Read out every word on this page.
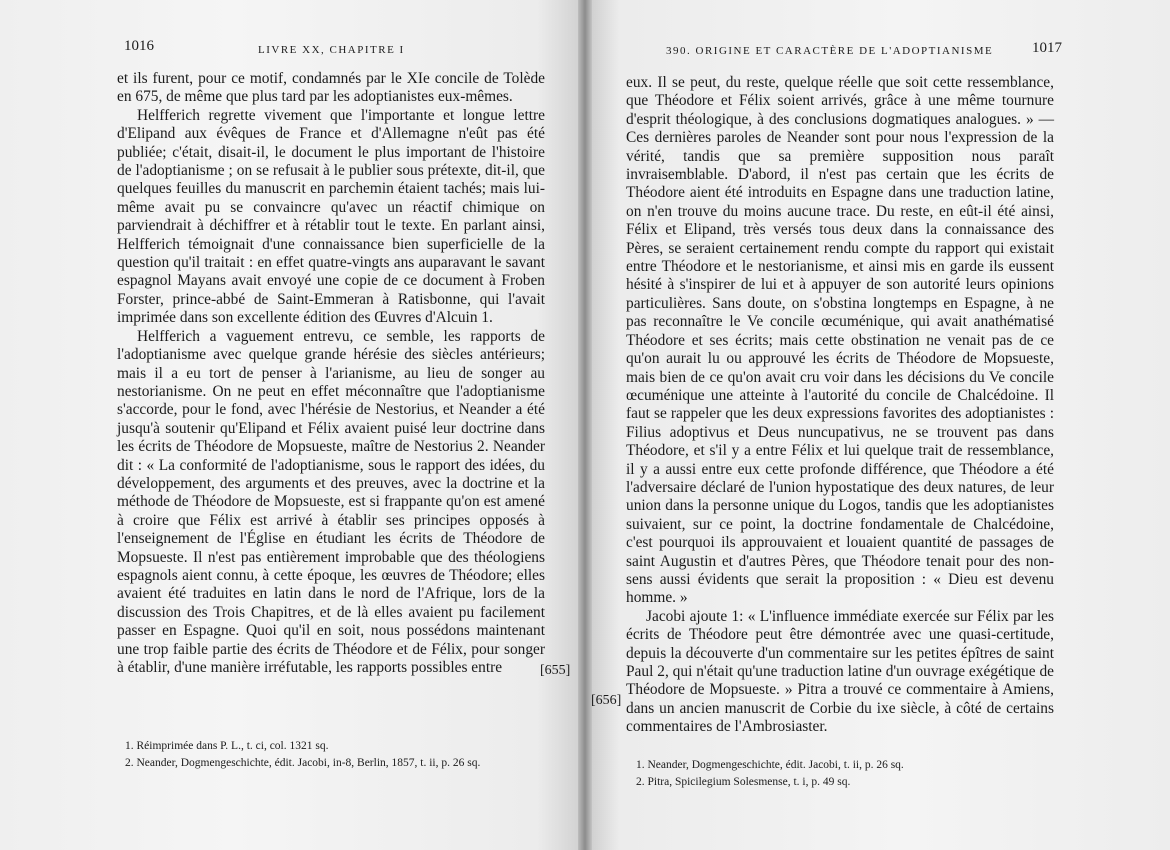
1016	LIVRE XX, CHAPITRE I	390. ORIGINE ET CARACTÈRE DE L'ADOPTIANISME	1017

et ils furent, pour ce motif, condamnés par le XIe concile de Tolède en 675, de même que plus tard par les adoptianistes eux-mêmes.

Helfferich regrette vivement que l'importante et longue lettre d'Elipand aux évêques de France et d'Allemagne n'eût pas été publiée; c'était, disait-il, le document le plus important de l'histoire de l'adoptianisme ; on se refusait à le publier sous prétexte, dit-il, que quelques feuilles du manuscrit en parchemin étaient tachés; mais lui-même avait pu se convaincre qu'avec un réactif chimique on parviendrait à déchiffrer et à rétablir tout le texte. En parlant ainsi, Helfferich témoignait d'une connaissance bien superficielle de la question qu'il traitait : en effet quatre-vingts ans auparavant le savant espagnol Mayans avait envoyé une copie de ce document à Froben Forster, prince-abbé de Saint-Emmeran à Ratisbonne, qui l'avait imprimée dans son excellente édition des Œuvres d'Alcuin 1.

Helfferich a vaguement entrevu, ce semble, les rapports de l'adoptianisme avec quelque grande hérésie des siècles antérieurs; mais il a eu tort de penser à l'arianisme, au lieu de songer au nestorianisme. On ne peut en effet méconnaître que l'adoptianisme s'accorde, pour le fond, avec l'hérésie de Nestorius, et Neander a été jusqu'à soutenir qu'Elipand et Félix avaient puisé leur doctrine dans les écrits de Théodore de Mopsueste, maître de Nestorius 2. Neander dit : « La conformité de l'adoptianisme, sous le rapport des idées, du développement, des arguments et des preuves, avec la doctrine et la méthode de Théodore de Mopsueste, est si frappante qu'on est amené à croire que Félix est arrivé à établir ses principes opposés à l'enseignement de l'Église en étudiant les écrits de Théodore de Mopsueste. Il n'est pas entièrement improbable que des théologiens espagnols aient connu, à cette époque, les œuvres de Théodore; elles avaient été traduites en latin dans le nord de l'Afrique, lors de la discussion des Trois Chapitres, et de là elles avaient pu facilement passer en Espagne. Quoi qu'il en soit, nous possédons maintenant une trop faible partie des écrits de Théodore et de Félix, pour songer à établir, d'une manière irréfutable, les rapports possibles entre	[655]
1. Réimprimée dans P. L., t. ci, col. 1321 sq.
2. Neander, Dogmengeschichte, édit. Jacobi, in-8, Berlin, 1857, t. ii, p. 26 sq.

eux. Il se peut, du reste, quelque réelle que soit cette ressemblance, que Théodore et Félix soient arrivés, grâce à une même tournure d'esprit théologique, à des conclusions dogmatiques analogues. » — Ces dernières paroles de Neander sont pour nous l'expression de la vérité, tandis que sa première supposition nous paraît invraisemblable. D'abord, il n'est pas certain que les écrits de Théodore aient été introduits en Espagne dans une traduction latine, on n'en trouve du moins aucune trace. Du reste, en eût-il été ainsi, Félix et Elipand, très versés tous deux dans la connaissance des Pères, se seraient certainement rendu compte du rapport qui existait entre Théodore et le nestorianisme, et ainsi mis en garde ils eussent hésité à s'inspirer de lui et à appuyer de son autorité leurs opinions particulières. Sans doute, on s'obstina longtemps en Espagne, à ne pas reconnaître le Ve concile œcuménique, qui avait anathématisé Théodore et ses écrits; mais cette obstination ne venait pas de ce qu'on aurait lu ou approuvé les écrits de Théodore de Mopsueste, mais bien de ce qu'on avait cru voir dans les décisions du Ve concile œcuménique une atteinte à l'autorité du concile de Chalcédoine. Il faut se rappeler que les deux expressions favorites des adoptianistes : Filius adoptivus et Deus nuncupativus, ne se trouvent pas dans Théodore, et s'il y a entre Félix et lui quelque trait de ressemblance, il y a aussi entre eux cette profonde différence, que Théodore a été l'adversaire déclaré de l'union hypostatique des deux natures, de leur union dans la personne unique du Logos, tandis que les adoptianistes suivaient, sur ce point, la doctrine fondamentale de Chalcédoine, c'est pourquoi ils approuvaient et louaient quantité de passages de saint Augustin et d'autres Pères, que Théodore tenait pour des non-sens aussi évidents que serait la proposition : « Dieu est devenu homme. »

Jacobi ajoute 1: « L'influence immédiate exercée sur Félix par les écrits de Théodore peut être démontrée avec une quasi-certitude, depuis la découverte d'un commentaire sur les petites épîtres de saint Paul 2, qui n'était qu'une traduction latine d'un ouvrage exégétique de Théodore de Mopsueste. » Pitra a trouvé ce commentaire à Amiens, dans un ancien manuscrit de Corbie du ixe siècle, à côté de certains commentaires de l'Ambrosiaster.

[656]
1. Neander, Dogmengeschichte, édit. Jacobi, t. ii, p. 26 sq.
2. Pitra, Spicilegium Solesmense, t. i, p. 49 sq.
